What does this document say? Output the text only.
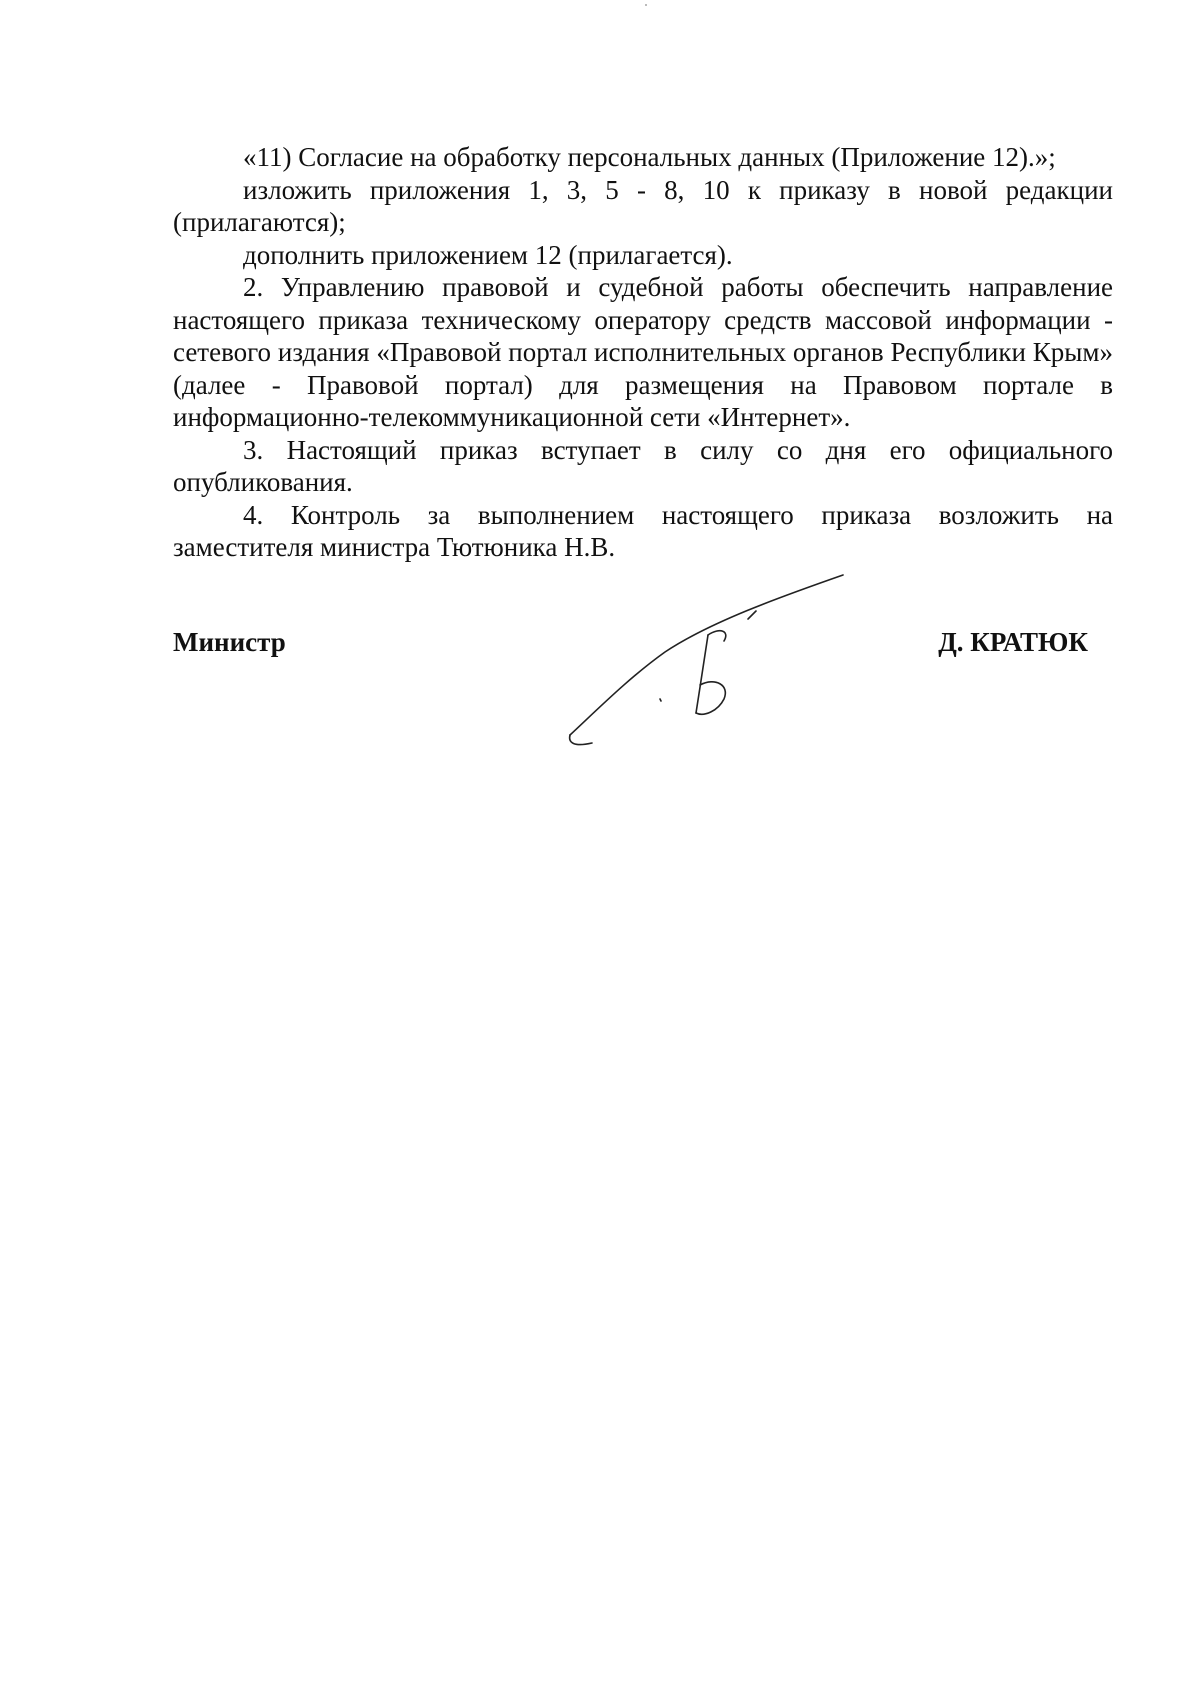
«11) Согласие на обработку персональных данных (Приложение 12).»;

изложить приложения 1, 3, 5 - 8, 10 к приказу в новой редакции (прилагаются);

дополнить приложением 12 (прилагается).

2. Управлению правовой и судебной работы обеспечить направление настоящего приказа техническому оператору средств массовой информации - сетевого издания «Правовой портал исполнительных органов Республики Крым» (далее - Правовой портал) для размещения на Правовом портале в информационно-телекоммуникационной сети «Интернет».

3. Настоящий приказ вступает в силу со дня его официального опубликования.

4. Контроль за выполнением настоящего приказа возложить на заместителя министра Тютюника Н.В.

Министр	Д. КРАТЮК
